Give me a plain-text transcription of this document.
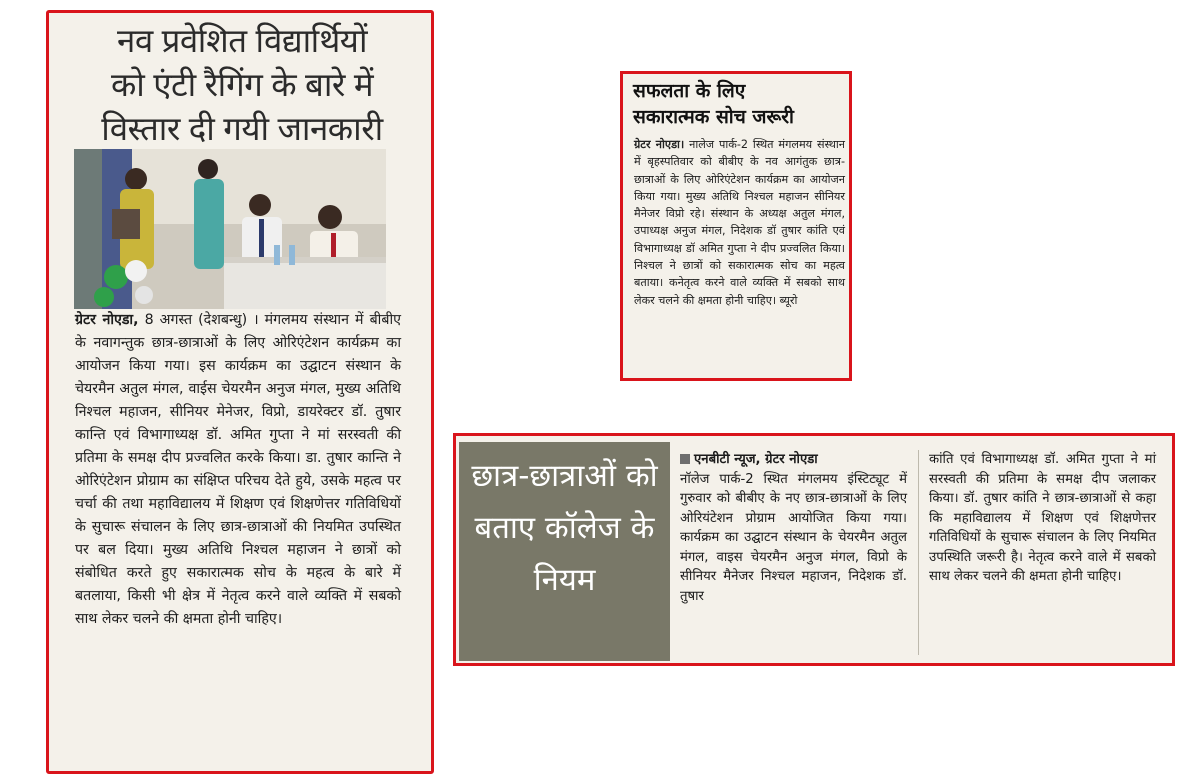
नव प्रवेशित विद्यार्थियों
को एंटी रैगिंग के बारे में
विस्तार दी गयी जानकारी
ग्रेटर नोएडा, 8 अगस्त (देशबन्धु) । मंगलमय संस्थान में बीबीए के नवागन्तुक छात्र-छात्राओं के लिए ओरिएंटेशन कार्यक्रम का आयोजन किया गया। इस कार्यक्रम का उद्घाटन संस्थान के चेयरमैन अतुल मंगल, वाईस चेयरमैन अनुज मंगल, मुख्य अतिथि निश्चल महाजन, सीनियर मेनेजर, विप्रो, डायरेक्टर डॉ. तुषार कान्ति एवं विभागाध्यक्ष डॉ. अमित गुप्ता ने मां सरस्वती की प्रतिमा के समक्ष दीप प्रज्वलित करके किया। डा. तुषार कान्ति ने ओरिएंटेशन प्रोग्राम का संक्षिप्त परिचय देते हुये, उसके महत्व पर चर्चा की तथा महाविद्यालय में शिक्षण एवं शिक्षणेत्तर गतिविधियों के सुचारू संचालन के लिए छात्र-छात्राओं की नियमित उपस्थित पर बल दिया। मुख्य अतिथि निश्चल महाजन ने छात्रों को संबोधित करते हुए सकारात्मक सोच के महत्व के बारे में बतलाया, किसी भी क्षेत्र में नेतृत्व करने वाले व्यक्ति में सबको साथ लेकर चलने की क्षमता होनी चाहिए।
सफलता के लिए
सकारात्मक सोच जरूरी
ग्रेटर नोएडा। नालेज पार्क-2 स्थित मंगलमय संस्थान में बृहस्पतिवार को बीबीए के नव आगंतुक छात्र-छात्राओं के लिए ओरिएंटेशन कार्यक्रम का आयोजन किया गया। मुख्य अतिथि निश्चल महाजन सीनियर मैनेजर विप्रो रहे। संस्थान के अध्यक्ष अतुल मंगल, उपाध्यक्ष अनुज मंगल, निदेशक डॉ तुषार कांति एवं विभागाध्यक्ष डॉ अमित गुप्ता ने दीप प्रज्वलित किया। निश्चल ने छात्रों को सकारात्मक सोच का महत्व बताया। कनेतृत्व करने वाले व्यक्ति में सबको साथ लेकर चलने की क्षमता होनी चाहिए। ब्यूरो
छात्र-छात्राओं को बताए कॉलेज के नियम
एनबीटी न्यूज, ग्रेटर नोएडा
नॉलेज पार्क-2 स्थित मंगलमय इंस्टिट्यूट में गुरुवार को बीबीए के नए छात्र-छात्राओं के लिए ओरियंटेशन प्रोग्राम आयोजित किया गया। कार्यक्रम का उद्घाटन संस्थान के चेयरमैन अतुल मंगल, वाइस चेयरमैन अनुज मंगल, विप्रो के सीनियर मैनेजर निश्चल महाजन, निदेशक डॉ. तुषार
कांति एवं विभागाध्यक्ष डॉ. अमित गुप्ता ने मां सरस्वती की प्रतिमा के समक्ष दीप जलाकर किया। डॉ. तुषार कांति ने छात्र-छात्राओं से कहा कि महाविद्यालय में शिक्षण एवं शिक्षणेत्तर गतिविधियों के सुचारू संचालन के लिए नियमित उपस्थिति जरूरी है। नेतृत्व करने वाले में सबको साथ लेकर चलने की क्षमता होनी चाहिए।
